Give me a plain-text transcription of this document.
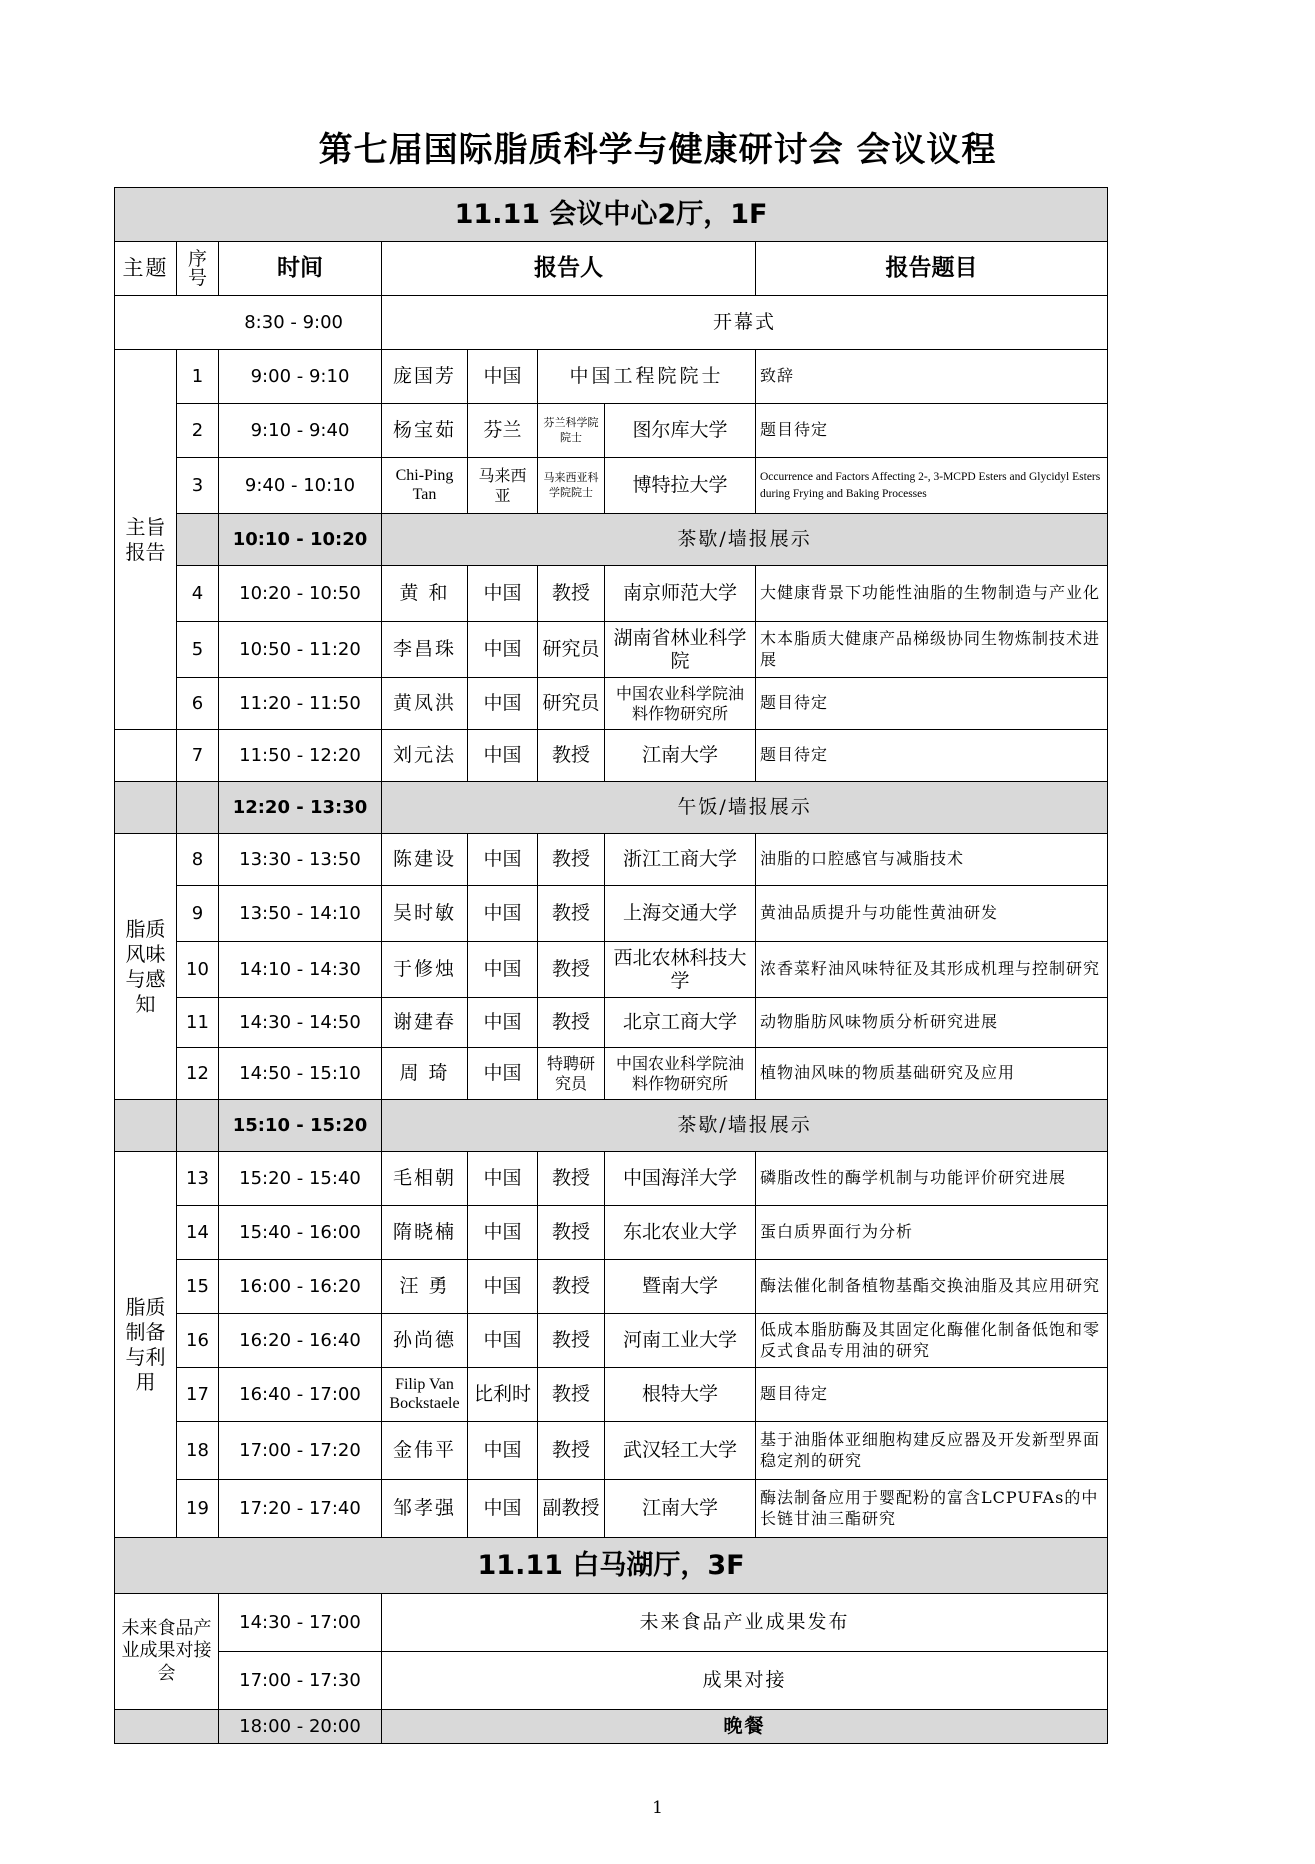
第七届国际脂质科学与健康研讨会 会议议程
11.11 会议中心2厅，1F							
主题	序号	时间	报告人				报告题目
8:30 - 9:00			开幕式				
主旨报告	1	9:00 - 9:10	庞国芳	中国	中国工程院院士		致辞
	2	9:10 - 9:40	杨宝茹	芬兰	芬兰科学院院士	图尔库大学	题目待定
	3	9:40 - 10:10	Chi-Ping Tan	马来西亚	马来西亚科学院院士	博特拉大学	Occurrence and Factors Affecting 2-, 3-MCPD Esters and Glycidyl Esters during Frying and Baking Processes
		10:10 - 10:20	茶歇/墙报展示				
	4	10:20 - 10:50	黄 和	中国	教授	南京师范大学	大健康背景下功能性油脂的生物制造与产业化
	5	10:50 - 11:20	李昌珠	中国	研究员	湖南省林业科学院	木本脂质大健康产品梯级协同生物炼制技术进展
	6	11:20 - 11:50	黄凤洪	中国	研究员	中国农业科学院油料作物研究所	题目待定
	7	11:50 - 12:20	刘元法	中国	教授	江南大学	题目待定
		12:20 - 13:30	午饭/墙报展示				
脂质风味与感知	8	13:30 - 13:50	陈建设	中国	教授	浙江工商大学	油脂的口腔感官与减脂技术
	9	13:50 - 14:10	吴时敏	中国	教授	上海交通大学	黄油品质提升与功能性黄油研发
	10	14:10 - 14:30	于修烛	中国	教授	西北农林科技大学	浓香菜籽油风味特征及其形成机理与控制研究
	11	14:30 - 14:50	谢建春	中国	教授	北京工商大学	动物脂肪风味物质分析研究进展
	12	14:50 - 15:10	周 琦	中国	特聘研究员	中国农业科学院油料作物研究所	植物油风味的物质基础研究及应用
		15:10 - 15:20	茶歇/墙报展示				
脂质制备与利用	13	15:20 - 15:40	毛相朝	中国	教授	中国海洋大学	磷脂改性的酶学机制与功能评价研究进展
	14	15:40 - 16:00	隋晓楠	中国	教授	东北农业大学	蛋白质界面行为分析
	15	16:00 - 16:20	汪 勇	中国	教授	暨南大学	酶法催化制备植物基酯交换油脂及其应用研究
	16	16:20 - 16:40	孙尚德	中国	教授	河南工业大学	低成本脂肪酶及其固定化酶催化制备低饱和零反式食品专用油的研究
	17	16:40 - 17:00	Filip Van Bockstaele	比利时	教授	根特大学	题目待定
	18	17:00 - 17:20	金伟平	中国	教授	武汉轻工大学	基于油脂体亚细胞构建反应器及开发新型界面稳定剂的研究
	19	17:20 - 17:40	邹孝强	中国	副教授	江南大学	酶法制备应用于婴配粉的富含LCPUFAs的中长链甘油三酯研究
11.11 白马湖厅，3F							
未来食品产业成果对接会		14:30 - 17:00	未来食品产业成果发布				
		17:00 - 17:30	成果对接				
		18:00 - 20:00	晚餐				
1
